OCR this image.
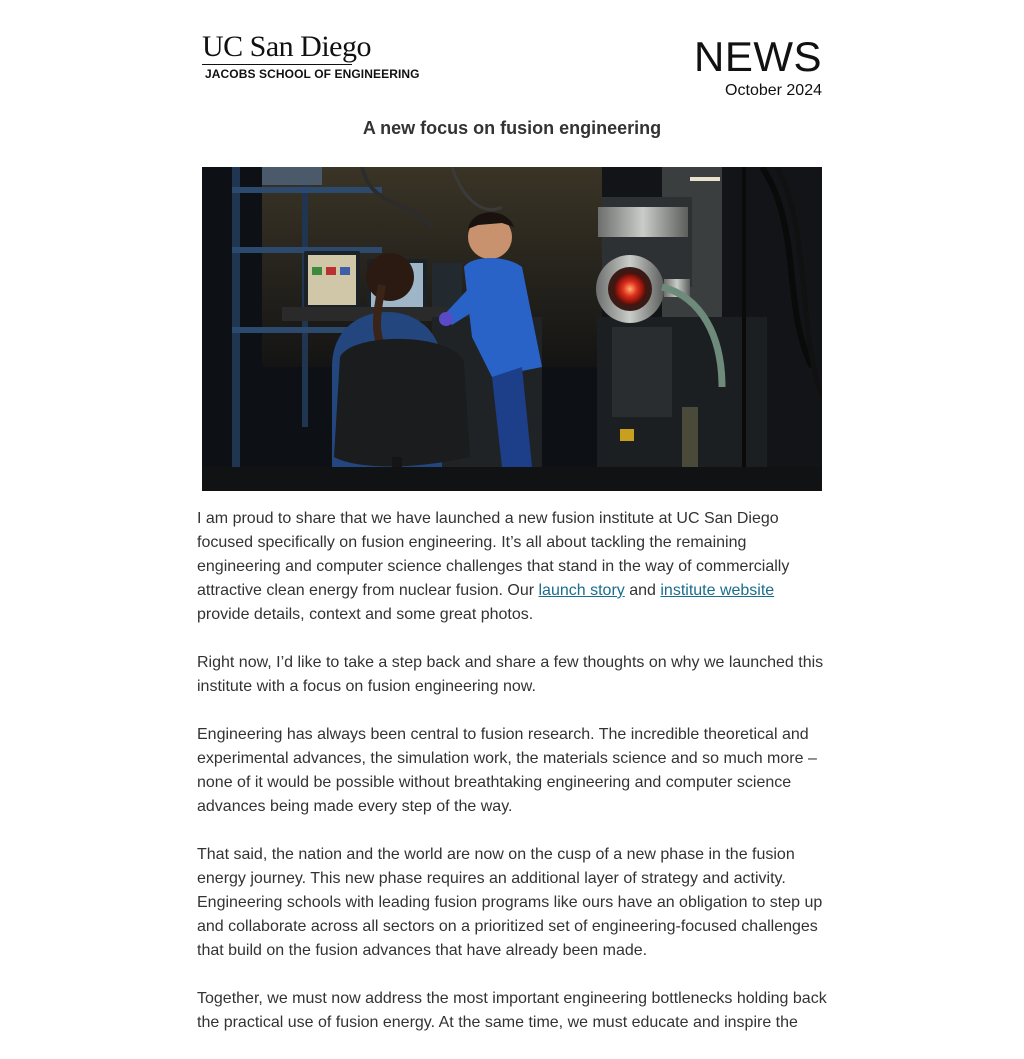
UC San Diego
JACOBS SCHOOL OF ENGINEERING	NEWS
October 2024
A new focus on fusion engineering

I am proud to share that we have launched a new fusion institute at UC San Diego focused specifically on fusion engineering. It’s all about tackling the remaining engineering and computer science challenges that stand in the way of commercially attractive clean energy from nuclear fusion. Our launch story and institute website provide details, context and some great photos.

Right now, I’d like to take a step back and share a few thoughts on why we launched this institute with a focus on fusion engineering now.

Engineering has always been central to fusion research. The incredible theoretical and experimental advances, the simulation work, the materials science and so much more – none of it would be possible without breathtaking engineering and computer science advances being made every step of the way.

That said, the nation and the world are now on the cusp of a new phase in the fusion energy journey. This new phase requires an additional layer of strategy and activity. Engineering schools with leading fusion programs like ours have an obligation to step up and collaborate across all sectors on a prioritized set of engineering-focused challenges that build on the fusion advances that have already been made.

Together, we must now address the most important engineering bottlenecks holding back the practical use of fusion energy. At the same time, we must educate and inspire the
